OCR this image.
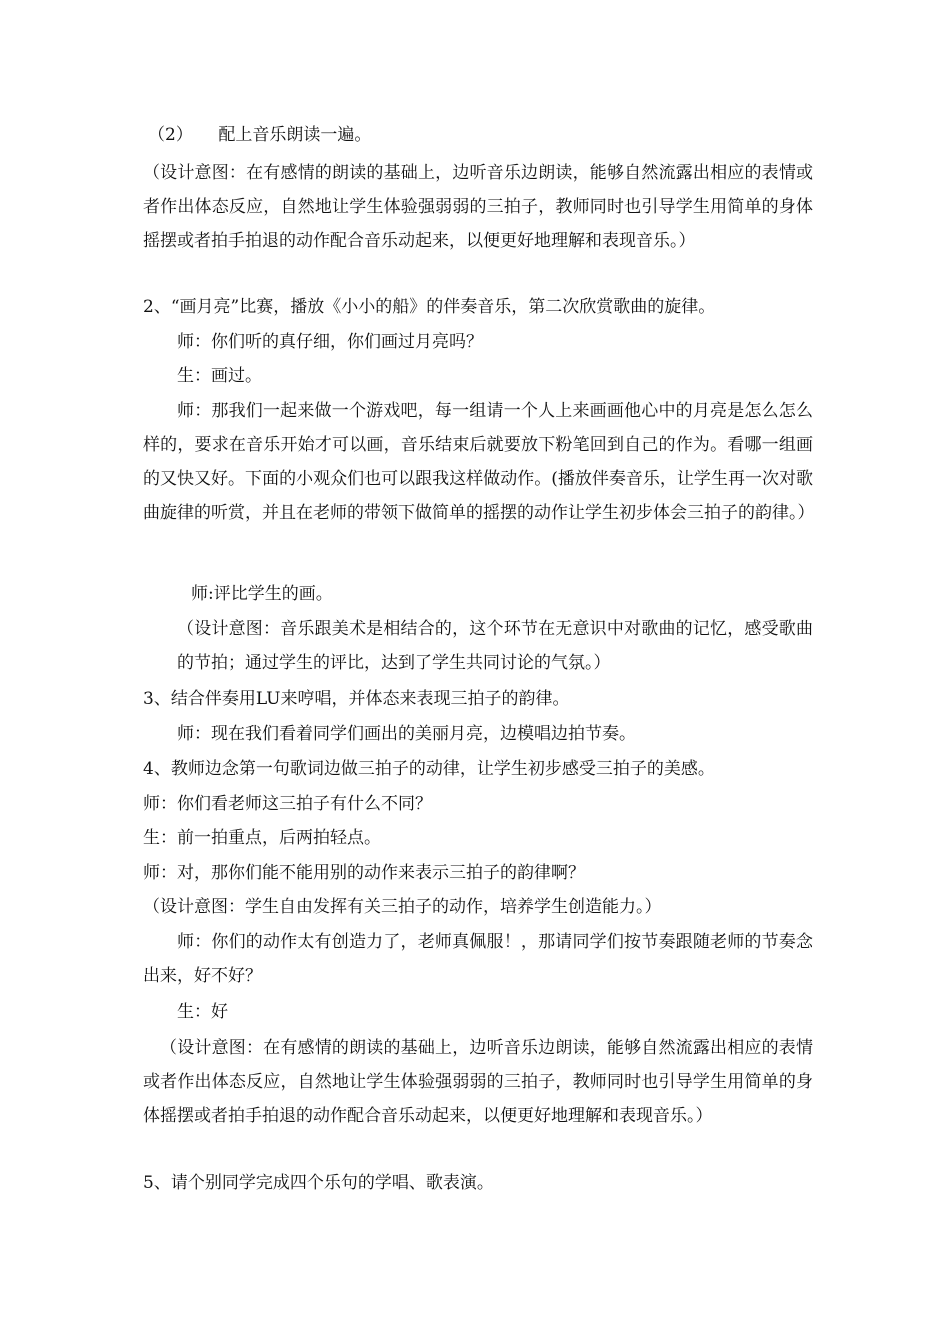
（2）　　配上音乐朗读一遍。

（设计意图：在有感情的朗读的基础上，边听音乐边朗读，能够自然流露出相应的表情或者作出体态反应，自然地让学生体验强弱弱的三拍子，教师同时也引导学生用简单的身体摇摆或者拍手拍退的动作配合音乐动起来，以便更好地理解和表现音乐。）

2、“画月亮”比赛，播放《小小的船》的伴奏音乐，第二次欣赏歌曲的旋律。

师：你们听的真仔细，你们画过月亮吗？

生：画过。

师：那我们一起来做一个游戏吧，每一组请一个人上来画画他心中的月亮是怎么怎么样的，要求在音乐开始才可以画，音乐结束后就要放下粉笔回到自己的作为。看哪一组画的又快又好。下面的小观众们也可以跟我这样做动作。(播放伴奏音乐，让学生再一次对歌曲旋律的听赏，并且在老师的带领下做简单的摇摆的动作让学生初步体会三拍子的韵律。）

师:评比学生的画。

（设计意图：音乐跟美术是相结合的，这个环节在无意识中对歌曲的记忆，感受歌曲的节拍；通过学生的评比，达到了学生共同讨论的气氛。）

3、结合伴奏用LU来哼唱，并体态来表现三拍子的韵律。

师：现在我们看着同学们画出的美丽月亮，边模唱边拍节奏。

4、教师边念第一句歌词边做三拍子的动律，让学生初步感受三拍子的美感。

师：你们看老师这三拍子有什么不同？

生：前一拍重点，后两拍轻点。

师：对，那你们能不能用别的动作来表示三拍子的韵律啊？

（设计意图：学生自由发挥有关三拍子的动作，培养学生创造能力。）

师：你们的动作太有创造力了，老师真佩服！，那请同学们按节奏跟随老师的节奏念出来，好不好？

生：好

（设计意图：在有感情的朗读的基础上，边听音乐边朗读，能够自然流露出相应的表情或者作出体态反应，自然地让学生体验强弱弱的三拍子，教师同时也引导学生用简单的身体摇摆或者拍手拍退的动作配合音乐动起来，以便更好地理解和表现音乐。）

5、请个别同学完成四个乐句的学唱、歌表演。
